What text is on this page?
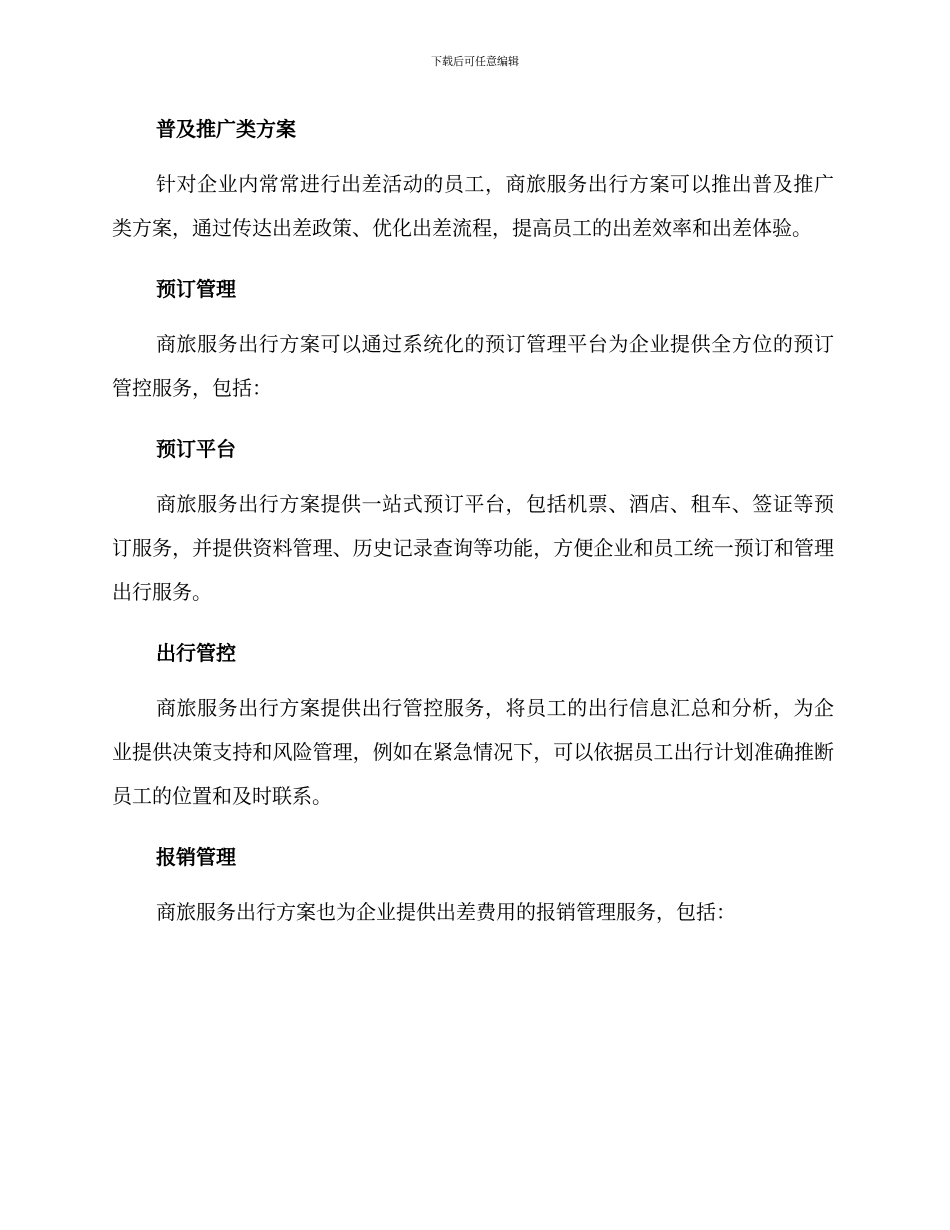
下载后可任意编辑
普及推广类方案

针对企业内常常进行出差活动的员工，商旅服务出行方案可以推出普及推广类方案，通过传达出差政策、优化出差流程，提高员工的出差效率和出差体验。

预订管理

商旅服务出行方案可以通过系统化的预订管理平台为企业提供全方位的预订管控服务，包括：

预订平台

商旅服务出行方案提供一站式预订平台，包括机票、酒店、租车、签证等预订服务，并提供资料管理、历史记录查询等功能，方便企业和员工统一预订和管理出行服务。

出行管控

商旅服务出行方案提供出行管控服务，将员工的出行信息汇总和分析，为企业提供决策支持和风险管理，例如在紧急情况下，可以依据员工出行计划准确推断员工的位置和及时联系。

报销管理

商旅服务出行方案也为企业提供出差费用的报销管理服务，包括：
